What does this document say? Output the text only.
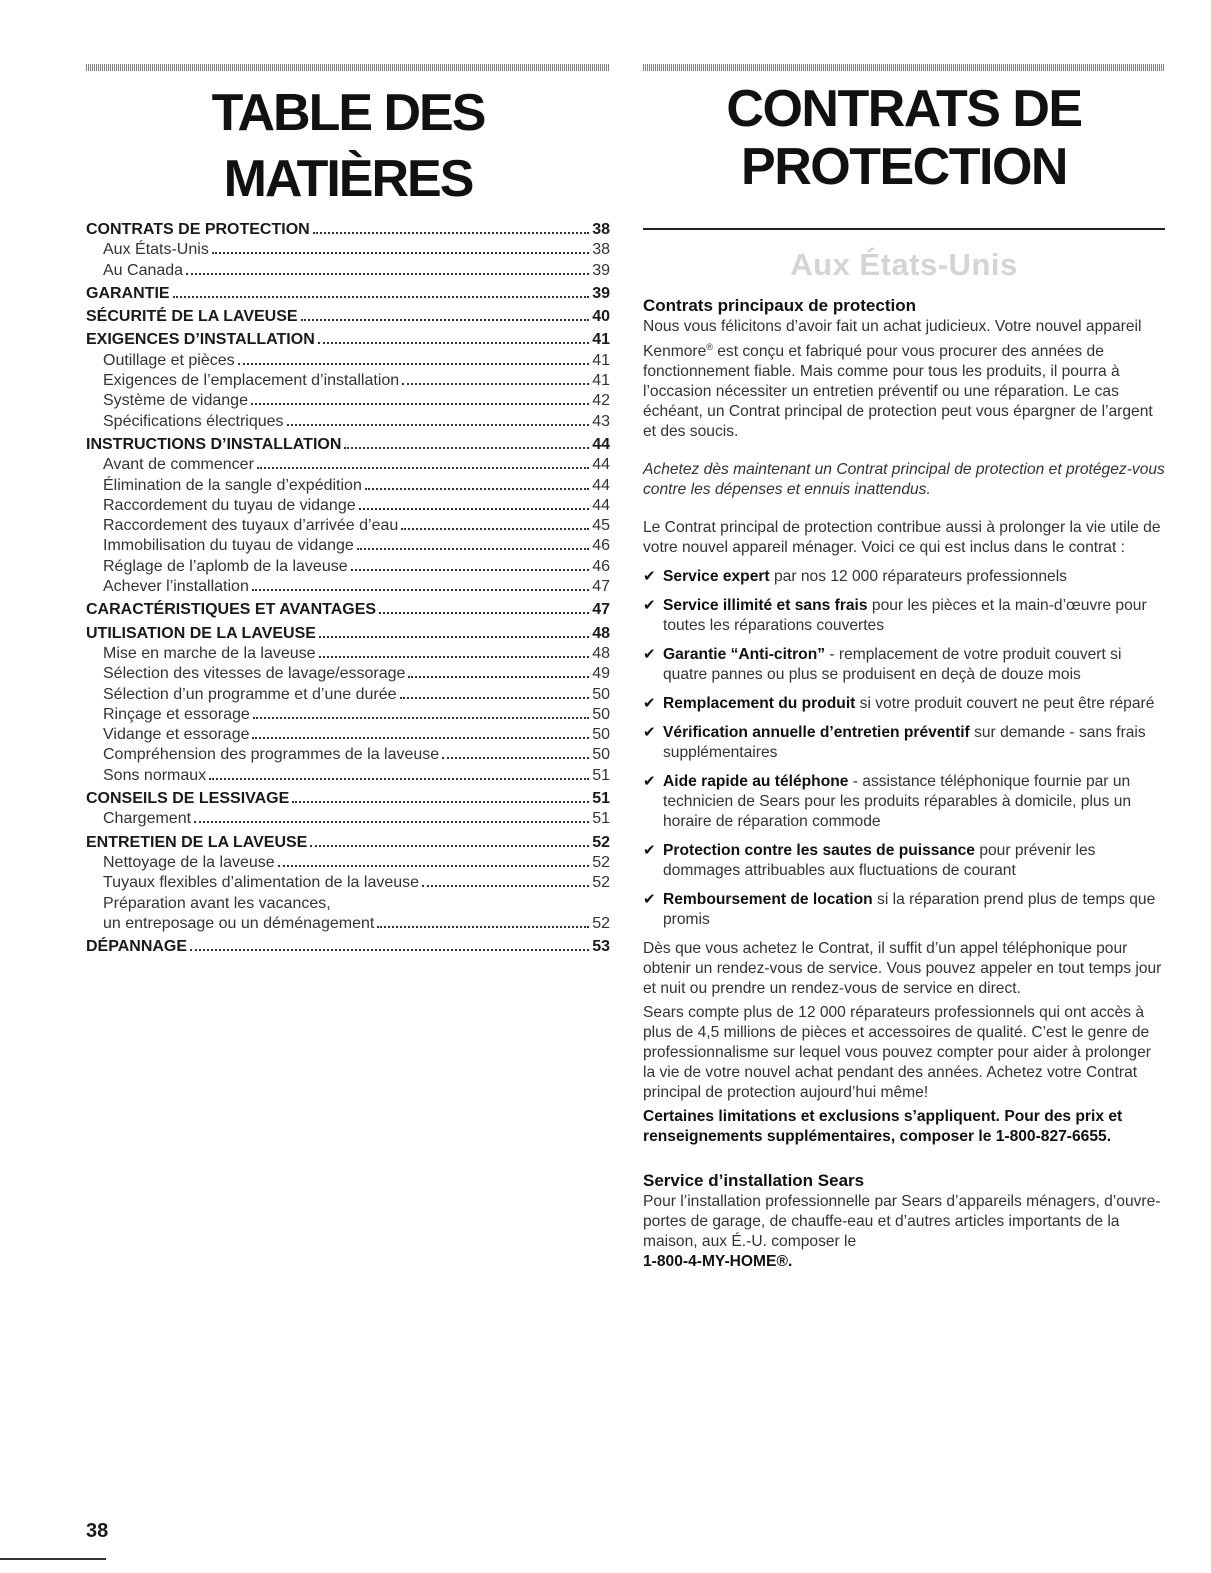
TABLE DES MATIÈRES
CONTRATS DE PROTECTION	38
Aux États-Unis	38
Au Canada	39
GARANTIE	39
SÉCURITÉ DE LA LAVEUSE	40
EXIGENCES D’INSTALLATION	41
Outillage et pièces	41
Exigences de l’emplacement d’installation	41
Système de vidange	42
Spécifications électriques	43
INSTRUCTIONS D’INSTALLATION	44
Avant de commencer	44
Élimination de la sangle d’expédition	44
Raccordement du tuyau de vidange	44
Raccordement des tuyaux d’arrivée d’eau	45
Immobilisation du tuyau de vidange	46
Réglage de l’aplomb de la laveuse	46
Achever l’installation	47
CARACTÉRISTIQUES ET AVANTAGES	47
UTILISATION DE LA LAVEUSE	48
Mise en marche de la laveuse	48
Sélection des vitesses de lavage/essorage	49
Sélection d’un programme et d’une durée	50
Rinçage et essorage	50
Vidange et essorage	50
Compréhension des programmes de la laveuse	50
Sons normaux	51
CONSEILS DE LESSIVAGE	51
Chargement	51
ENTRETIEN DE LA LAVEUSE	52
Nettoyage de la laveuse	52
Tuyaux flexibles d’alimentation de la laveuse	52
Préparation avant les vacances,
un entreposage ou un déménagement	52
DÉPANNAGE	53
CONTRATS DE
PROTECTION
Aux États-Unis
Contrats principaux de protection

Nous vous félicitons d’avoir fait un achat judicieux. Votre nouvel appareil Kenmore® est conçu et fabriqué pour vous procurer des années de fonctionnement fiable. Mais comme pour tous les produits, il pourra à l’occasion nécessiter un entretien préventif ou une réparation. Le cas échéant, un Contrat principal de protection peut vous épargner de l’argent et des soucis.

Achetez dès maintenant un Contrat principal de protection et protégez-vous contre les dépenses et ennuis inattendus.

Le Contrat principal de protection contribue aussi à prolonger la vie utile de votre nouvel appareil ménager. Voici ce qui est inclus dans le contrat :

✔ Service expert par nos 12 000 réparateurs professionnels
✔ Service illimité et sans frais pour les pièces et la main-d’œuvre pour toutes les réparations couvertes
✔ Garantie “Anti-citron” - remplacement de votre produit couvert si quatre pannes ou plus se produisent en deçà de douze mois
✔ Remplacement du produit si votre produit couvert ne peut être réparé
✔ Vérification annuelle d’entretien préventif sur demande - sans frais supplémentaires
✔ Aide rapide au téléphone - assistance téléphonique fournie par un technicien de Sears pour les produits réparables à domicile, plus un horaire de réparation commode
✔ Protection contre les sautes de puissance pour prévenir les dommages attribuables aux fluctuations de courant
✔ Remboursement de location si la réparation prend plus de temps que promis

Dès que vous achetez le Contrat, il suffit d’un appel téléphonique pour obtenir un rendez-vous de service. Vous pouvez appeler en tout temps jour et nuit ou prendre un rendez-vous de service en direct.

Sears compte plus de 12 000 réparateurs professionnels qui ont accès à plus de 4,5 millions de pièces et accessoires de qualité. C’est le genre de professionnalisme sur lequel vous pouvez compter pour aider à prolonger la vie de votre nouvel achat pendant des années. Achetez votre Contrat principal de protection aujourd’hui même!

Certaines limitations et exclusions s’appliquent. Pour des prix et renseignements supplémentaires, composer le 1-800-827-6655.

Service d’installation Sears

Pour l’installation professionnelle par Sears d’appareils ménagers, d’ouvre-portes de garage, de chauffe-eau et d’autres articles importants de la maison, aux É.-U. composer le
1-800-4-MY-HOME®.

38
